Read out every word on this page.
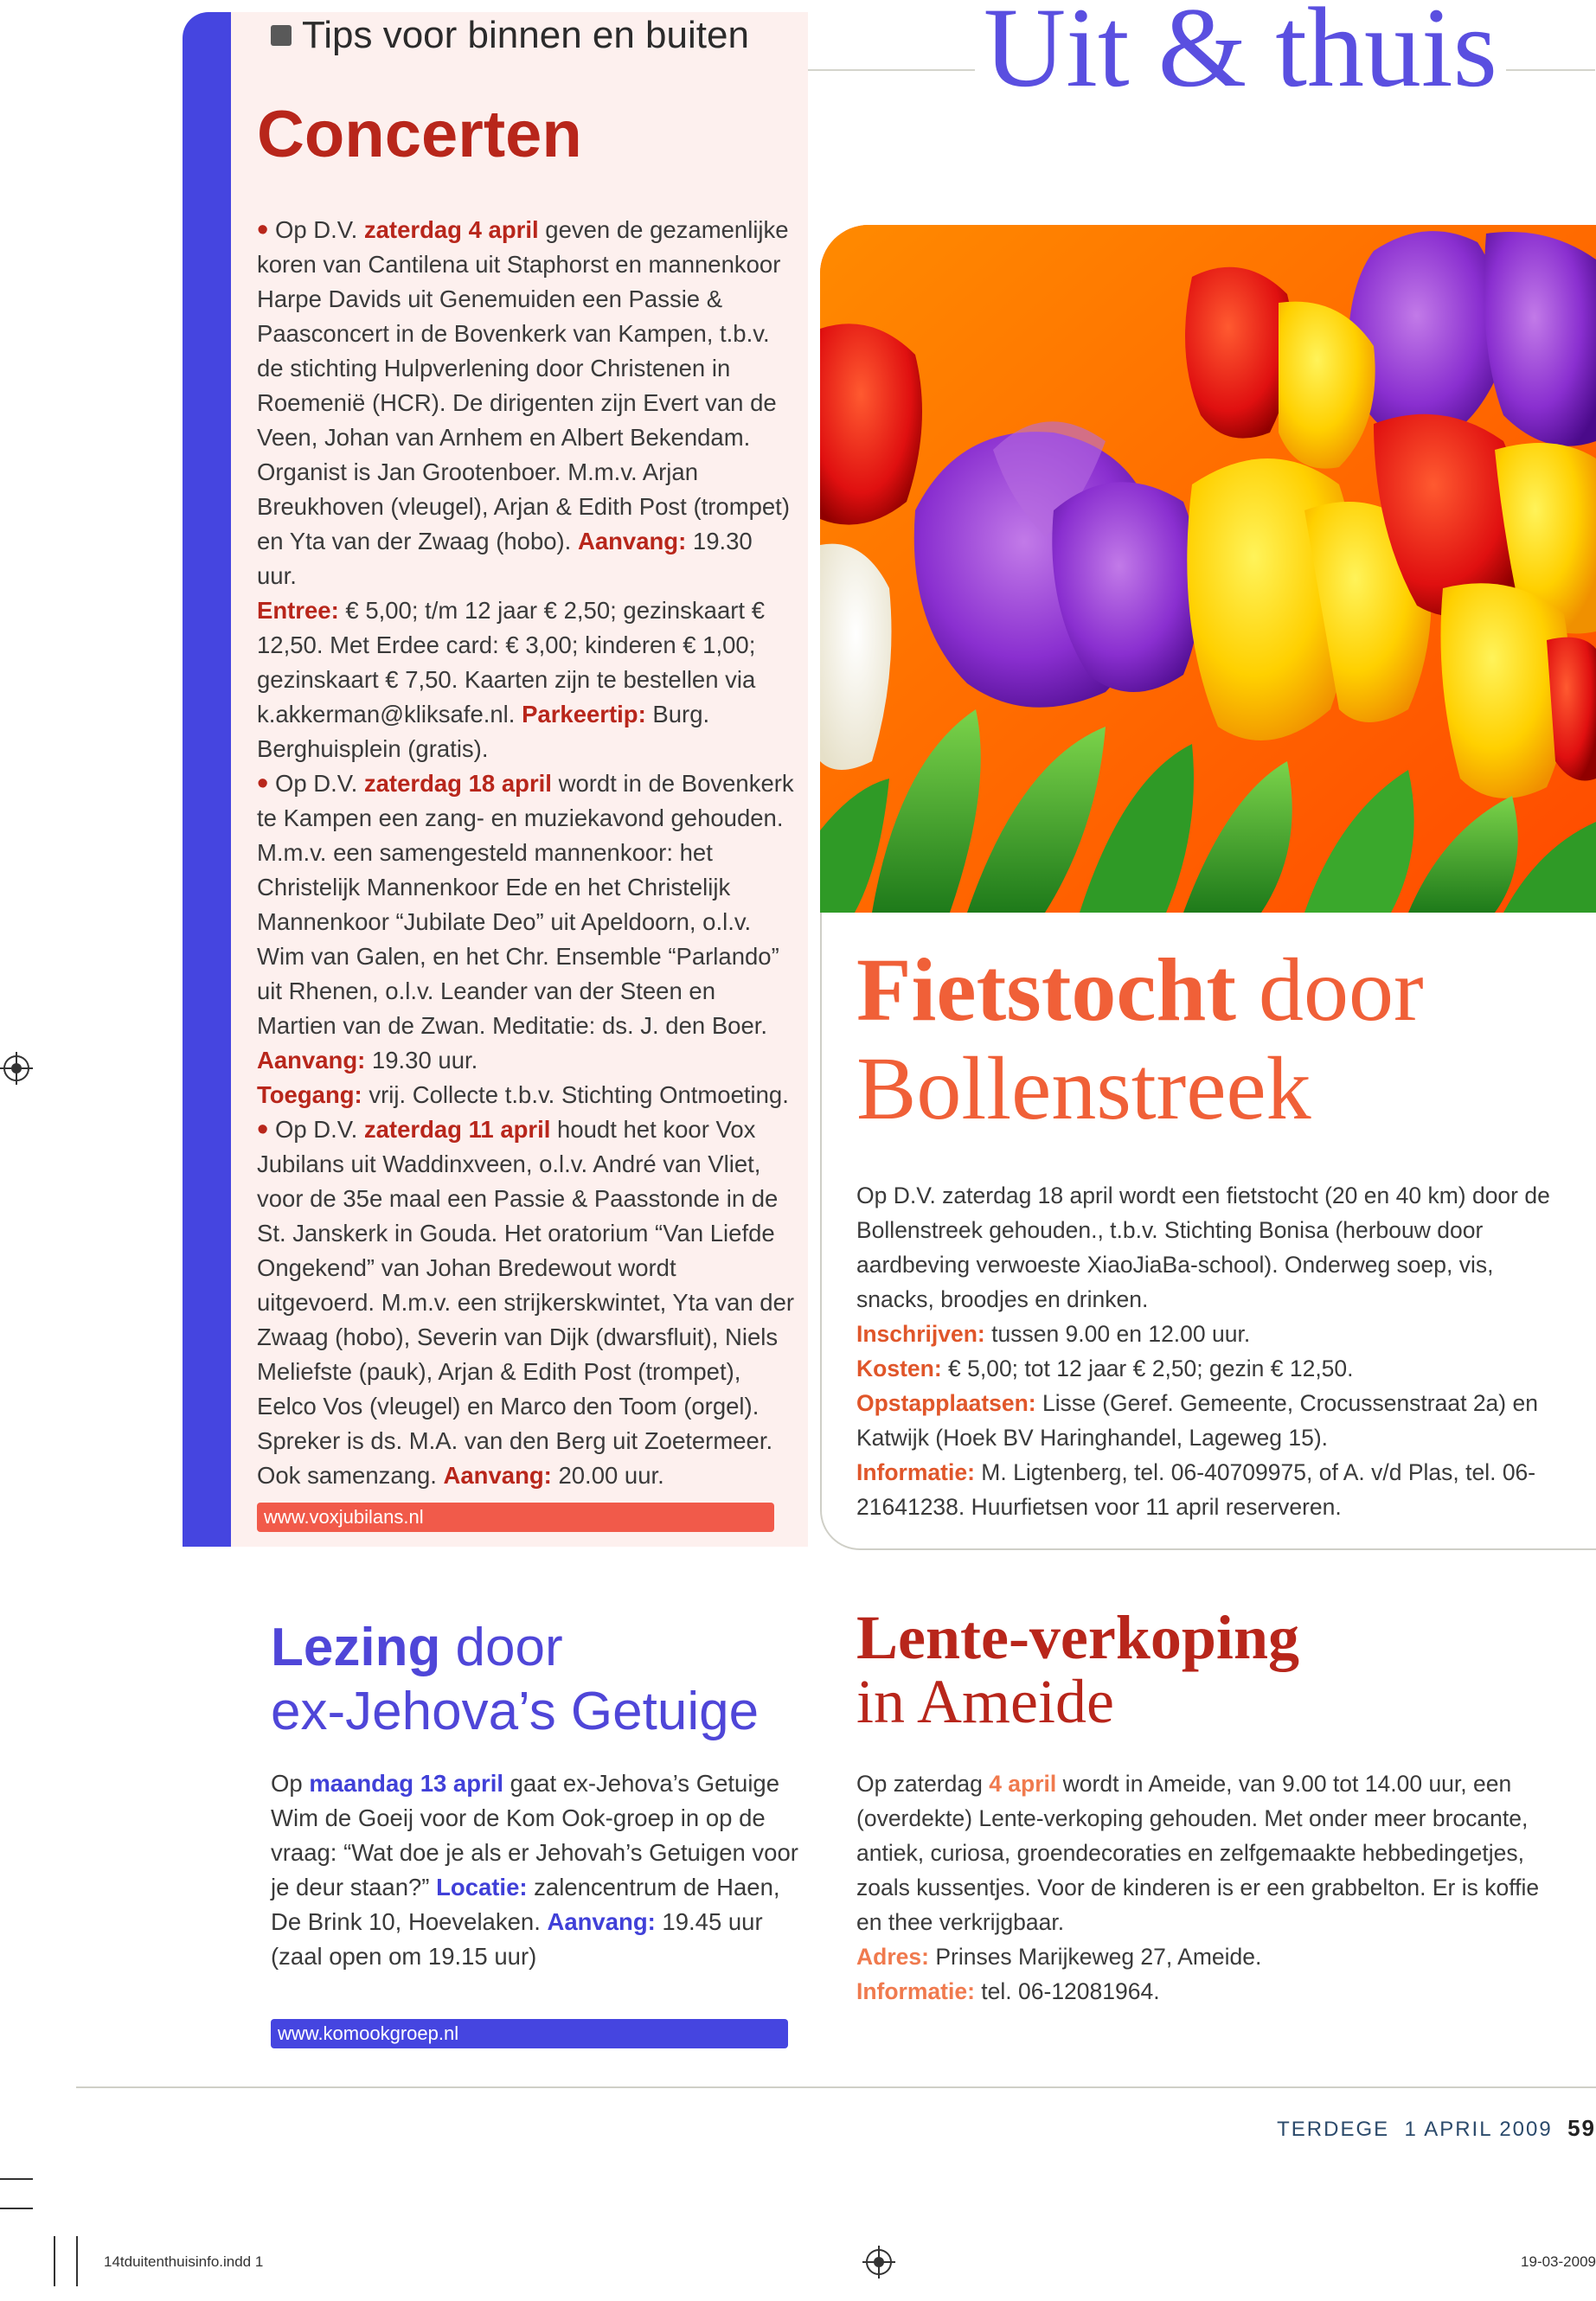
Tips voor binnen en buiten Uit & thuis
Concerten

• Op D.V. zaterdag 4 april geven de gezamenlijke koren van Cantilena uit Staphorst en mannenkoor Harpe Davids uit Genemuiden een Passie & Paasconcert in de Bovenkerk van Kampen, t.b.v. de stichting Hulpverlening door Christenen in Roemenië (HCR). De dirigenten zijn Evert van de Veen, Johan van Arnhem en Albert Bekendam. Organist is Jan Grootenboer. M.m.v. Arjan Breukhoven (vleugel), Arjan & Edith Post (trompet) en Yta van der Zwaag (hobo). Aanvang: 19.30 uur.
Entree: € 5,00; t/m 12 jaar € 2,50; gezinskaart € 12,50. Met Erdee card: € 3,00; kinderen € 1,00; gezinskaart € 7,50. Kaarten zijn te bestellen via k.akkerman@kliksafe.nl. Parkeertip: Burg. Berghuisplein (gratis).

• Op D.V. zaterdag 18 april wordt in de Bovenkerk te Kampen een zang- en muziekavond gehouden. M.m.v. een samengesteld mannenkoor: het Christelijk Mannenkoor Ede en het Christelijk Mannenkoor “Jubilate Deo” uit Apeldoorn, o.l.v. Wim van Galen, en het Chr. Ensemble “Parlando” uit Rhenen, o.l.v. Leander van der Steen en Martien van de Zwan. Meditatie: ds. J. den Boer. Aanvang: 19.30 uur.
Toegang: vrij. Collecte t.b.v. Stichting Ontmoeting.

• Op D.V. zaterdag 11 april houdt het koor Vox Jubilans uit Waddinxveen, o.l.v. André van Vliet, voor de 35e maal een Passie & Paasstonde in de St. Janskerk in Gouda. Het oratorium “Van Liefde Ongekend” van Johan Bredewout wordt uitgevoerd. M.m.v. een strijkerskwintet, Yta van der Zwaag (hobo), Severin van Dijk (dwarsfluit), Niels Meliefste (pauk), Arjan & Edith Post (trompet), Eelco Vos (vleugel) en Marco den Toom (orgel). Spreker is ds. M.A. van den Berg uit Zoetermeer. Ook samenzang. Aanvang: 20.00 uur.

www.voxjubilans.nl
Fietstocht door
Bollenstreek

Op D.V. zaterdag 18 april wordt een fietstocht (20 en 40 km) door de Bollenstreek gehouden., t.b.v. Stichting Bonisa (herbouw door aardbeving verwoeste XiaoJiaBa-school). Onderweg soep, vis, snacks, broodjes en drinken.

Inschrijven: tussen 9.00 en 12.00 uur.

Kosten: € 5,00; tot 12 jaar € 2,50; gezin € 12,50.

Opstapplaatsen: Lisse (Geref. Gemeente, Crocussenstraat 2a) en Katwijk (Hoek BV Haringhandel, Lageweg 15).

Informatie: M. Ligtenberg, tel. 06-40709975, of A. v/d Plas, tel. 06-21641238. Huurfietsen voor 11 april reserveren.

Lezing door
ex-Jehova’s Getuige

Op maandag 13 april gaat ex-Jehova’s Getuige Wim de Goeij voor de Kom Ook-groep in op de vraag: “Wat doe je als er Jehovah’s Getuigen voor je deur staan?” Locatie: zalencentrum de Haen, De Brink 10, Hoevelaken. Aanvang: 19.45 uur (zaal open om 19.15 uur)

www.komookgroep.nl
Lente-verkoping
in Ameide

Op zaterdag 4 april wordt in Ameide, van 9.00 tot 14.00 uur, een (overdekte) Lente-verkoping gehouden. Met onder meer brocante, antiek, curiosa, groendecoraties en zelfgemaakte hebbedingetjes, zoals kussentjes. Voor de kinderen is er een grabbelton. Er is koffie en thee verkrijgbaar.

Adres: Prinses Marijkeweg 27, Ameide.

Informatie: tel. 06-12081964.

TERDEGE 1 APRIL 2009 59
14tduitenthuisinfo.indd 1	19-03-2009
